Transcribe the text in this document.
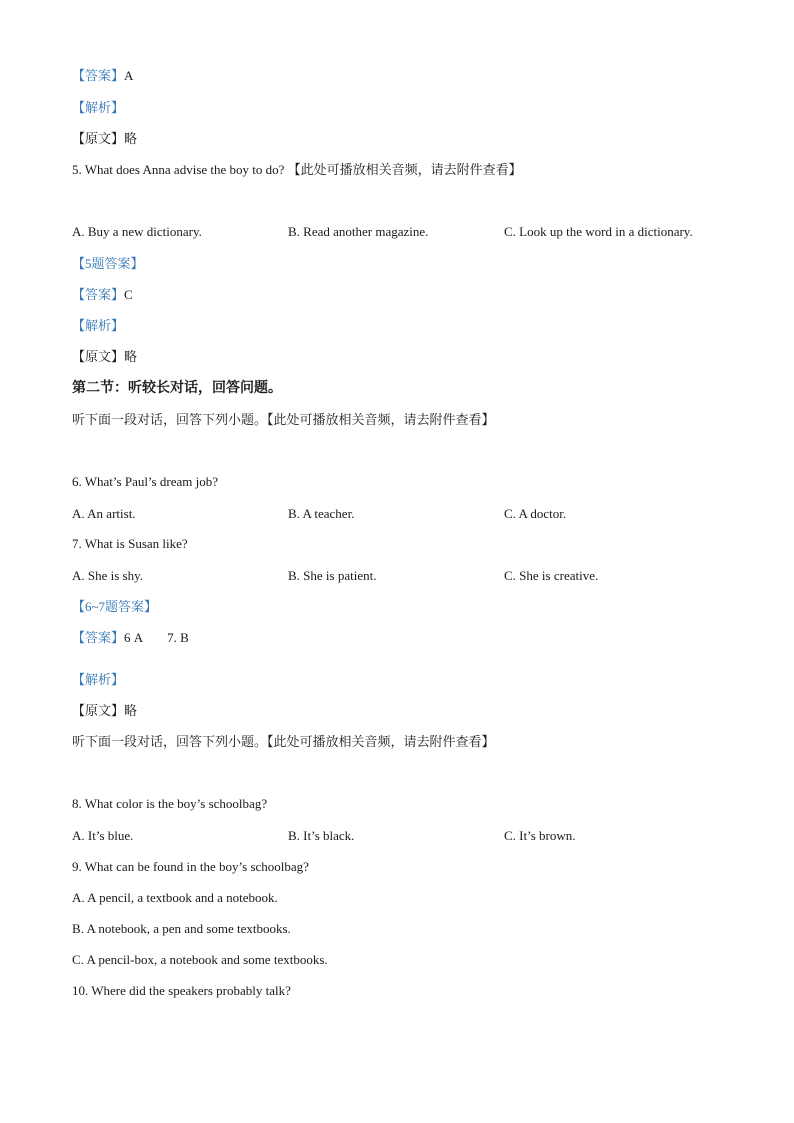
【答案】A
【解析】
【原文】略
5. What does Anna advise the boy to do? 【此处可播放相关音频，请去附件查看】
A. Buy a new dictionary.	B. Read another magazine.	C. Look up the word in a dictionary.
【5题答案】
【答案】C
【解析】
【原文】略
第二节：听较长对话，回答问题。
听下面一段对话，回答下列小题。【此处可播放相关音频，请去附件查看】
6. What’s Paul’s dream job?
A. An artist.	B. A teacher.	C. A doctor.
7. What is Susan like?
A. She is shy.	B. She is patient.	C. She is creative.
【6~7题答案】
【答案】6 A 7. B
【解析】
【原文】略
听下面一段对话，回答下列小题。【此处可播放相关音频，请去附件查看】
8. What color is the boy’s schoolbag?
A. It’s blue.	B. It’s black.	C. It’s brown.
9. What can be found in the boy’s schoolbag?
A. A pencil, a textbook and a notebook.
B. A notebook, a pen and some textbooks.
C. A pencil-box, a notebook and some textbooks.
10. Where did the speakers probably talk?
